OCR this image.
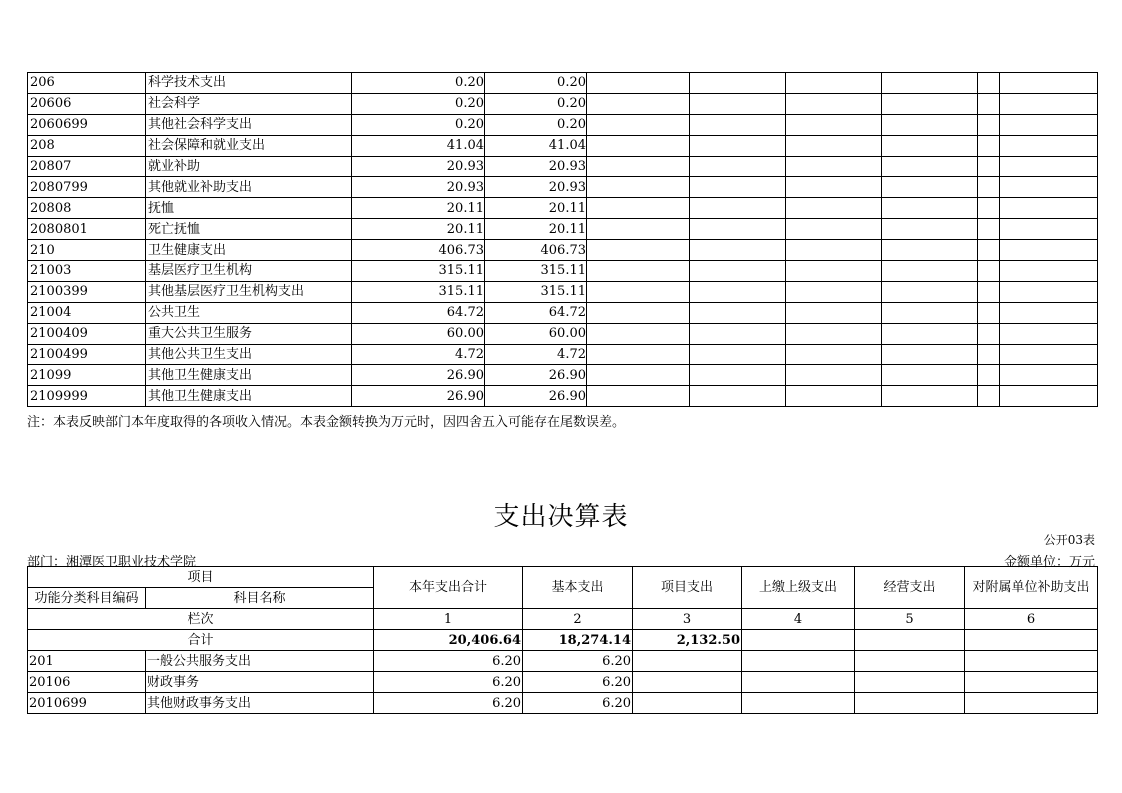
206	科学技术支出	0.20	0.20						
20606	社会科学	0.20	0.20						
2060699	其他社会科学支出	0.20	0.20						
208	社会保障和就业支出	41.04	41.04						
20807	就业补助	20.93	20.93						
2080799	其他就业补助支出	20.93	20.93						
20808	抚恤	20.11	20.11						
2080801	死亡抚恤	20.11	20.11						
210	卫生健康支出	406.73	406.73						
21003	基层医疗卫生机构	315.11	315.11						
2100399	其他基层医疗卫生机构支出	315.11	315.11						
21004	公共卫生	64.72	64.72						
2100409	重大公共卫生服务	60.00	60.00						
2100499	其他公共卫生支出	4.72	4.72						
21099	其他卫生健康支出	26.90	26.90						
2109999	其他卫生健康支出	26.90	26.90						
注：本表反映部门本年度取得的各项收入情况。本表金额转换为万元时，因四舍五入可能存在尾数误差。
支出决算表
公开03表
部门：湘潭医卫职业技术学院	金额单位：万元
项目		本年支出合计	基本支出	项目支出	上缴上级支出	经营支出	对附属单位补助支出
功能分类科目编码	科目名称						
栏次		1	2	3	4	5	6
合计		20,406.64	18,274.14	2,132.50			
201	一般公共服务支出	6.20	6.20				
20106	财政事务	6.20	6.20				
2010699	其他财政事务支出	6.20	6.20				
